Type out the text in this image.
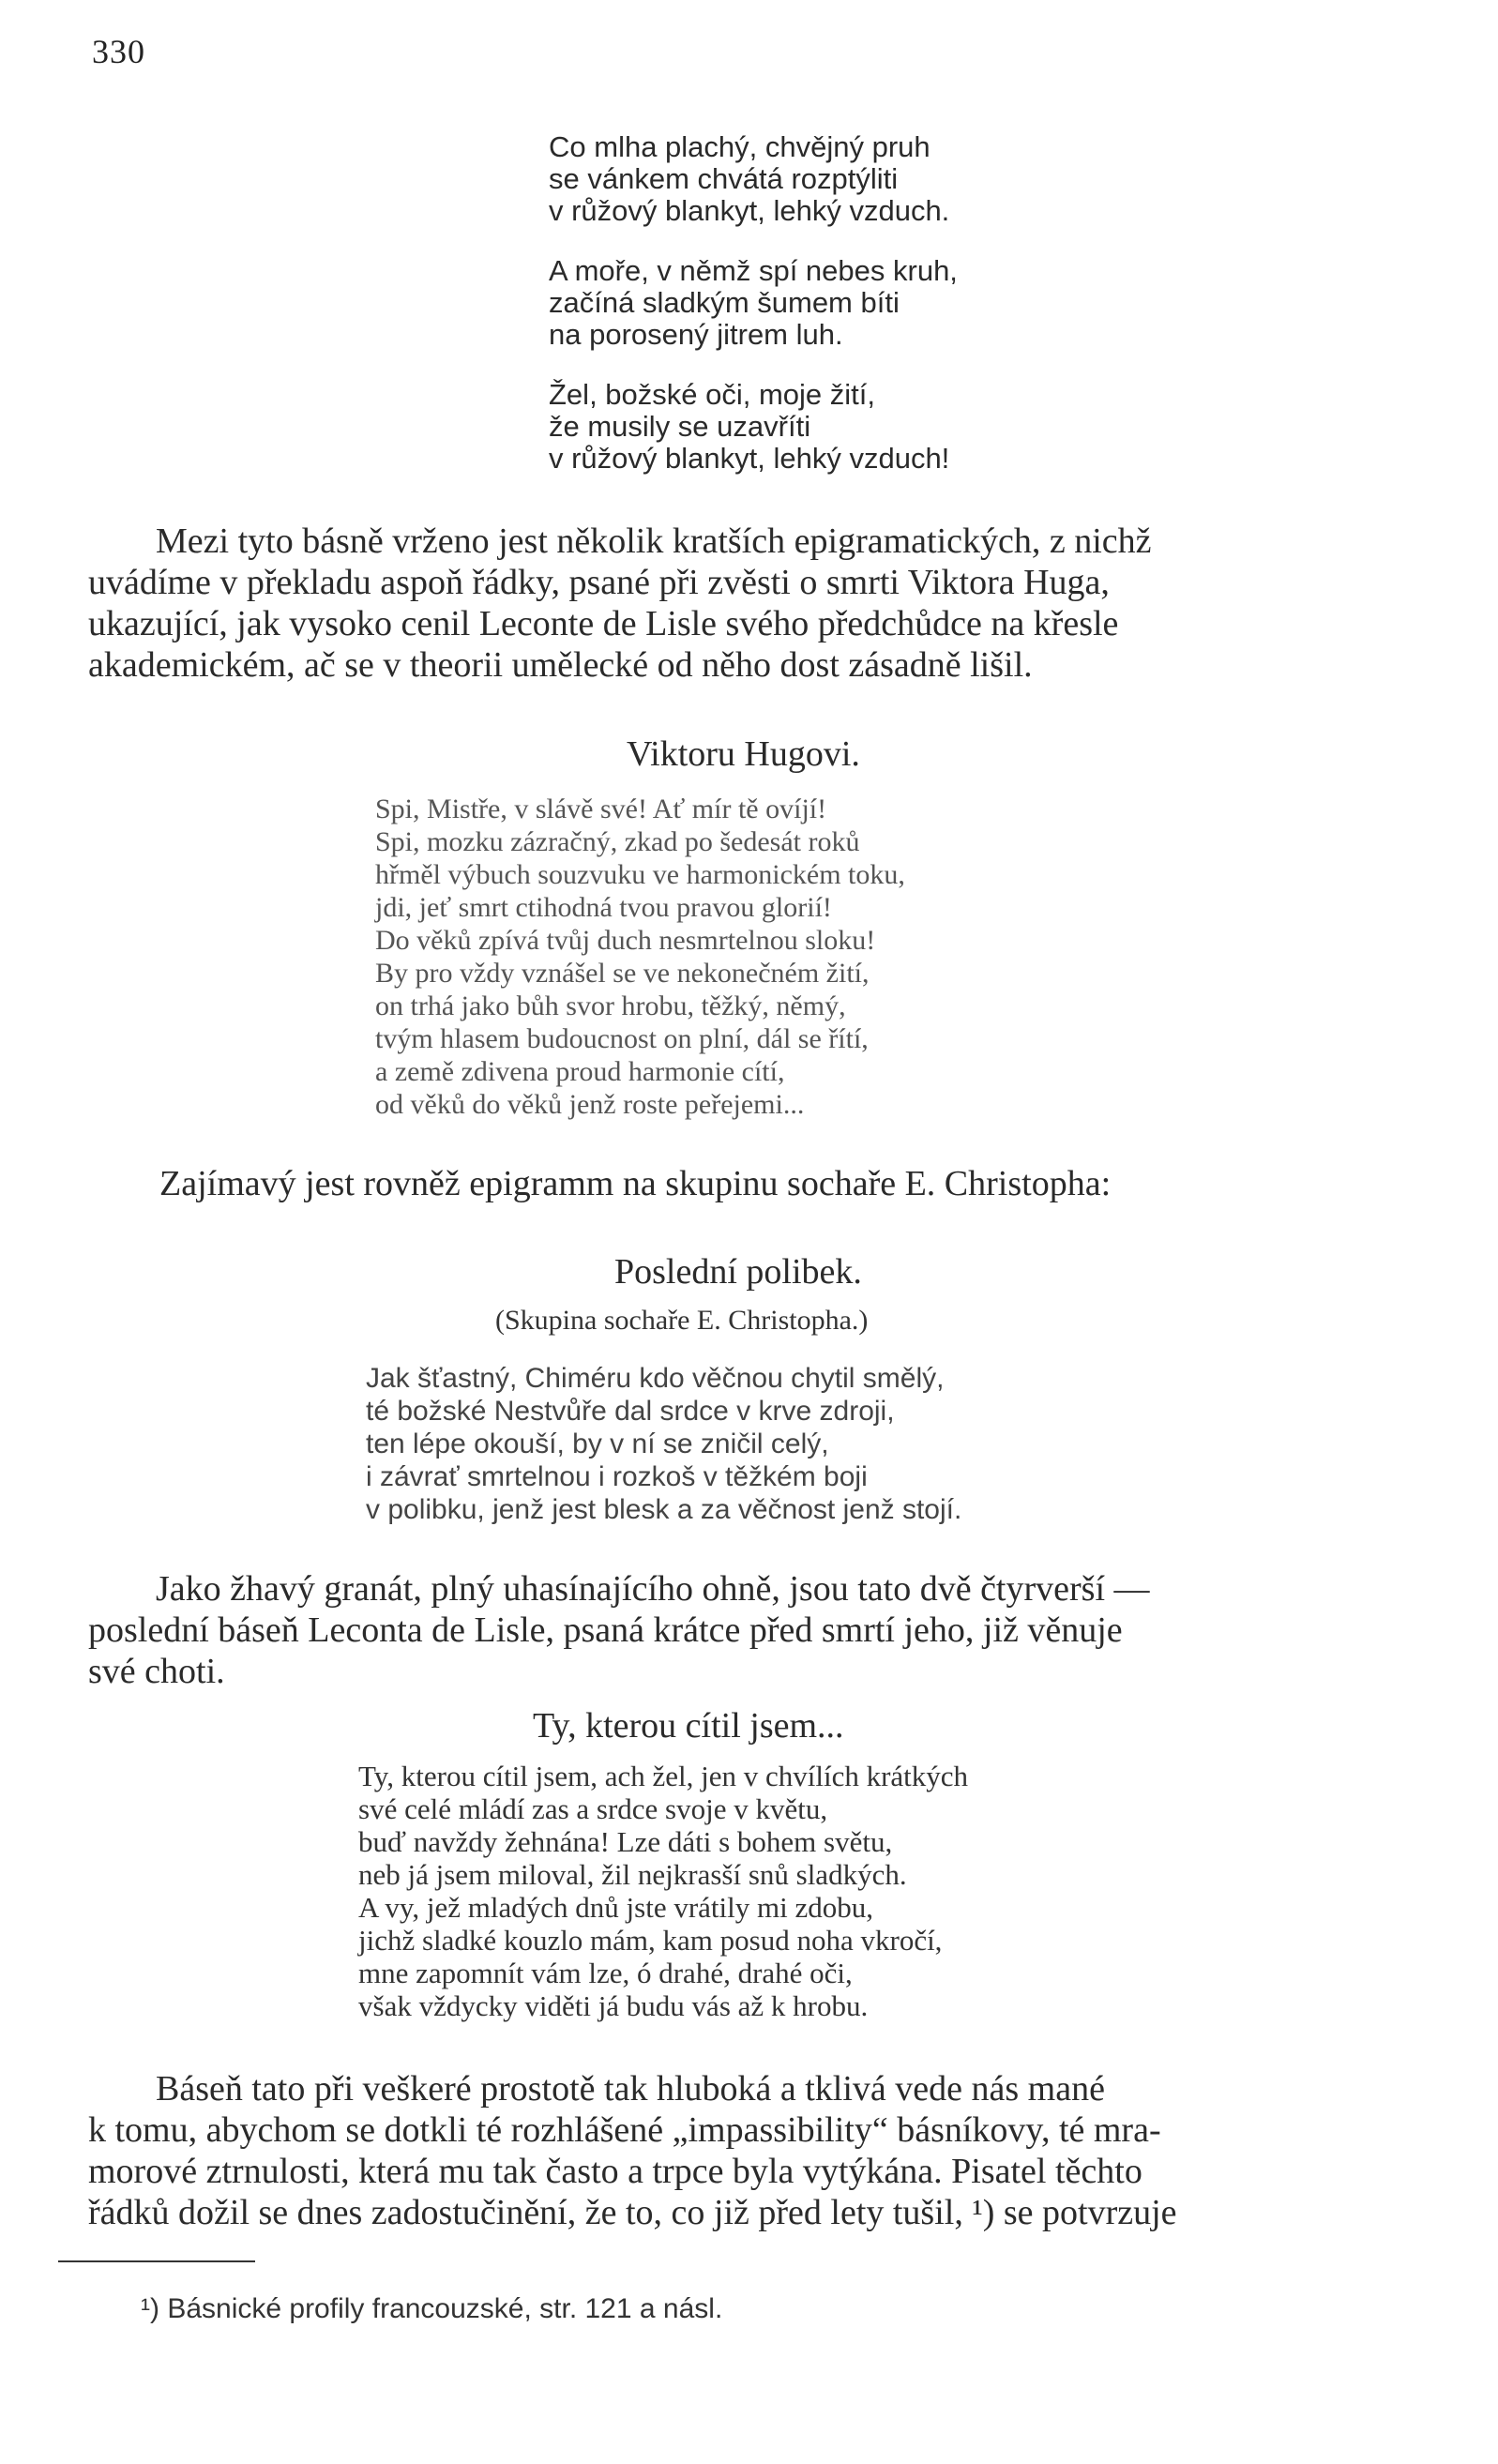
330
Co mlha plachý, chvějný pruh
se vánkem chvátá rozptýliti
v růžový blankyt, lehký vzduch.
A moře, v němž spí nebes kruh,
začíná sladkým šumem bíti
na porosený jitrem luh.
Žel, božské oči, moje žití,
že musily se uzavříti
v růžový blankyt, lehký vzduch!
Mezi tyto básně vrženo jest několik kratších epigramatických, z nichž
uvádíme v překladu aspoň řádky, psané při zvěsti o smrti Viktora Huga,
ukazující, jak vysoko cenil Leconte de Lisle svého předchůdce na křesle
akademickém, ač se v theorii umělecké od něho dost zásadně lišil.
Viktoru Hugovi.
Spi, Mistře, v slávě své! Ať mír tě ovíjí!
Spi, mozku zázračný, zkad po šedesát roků
hřměl výbuch souzvuku ve harmonickém toku,
jdi, jeť smrt ctihodná tvou pravou glorií!
Do věků zpívá tvůj duch nesmrtelnou sloku!
By pro vždy vznášel se ve nekonečném žití,
on trhá jako bůh svor hrobu, těžký, němý,
tvým hlasem budoucnost on plní, dál se řítí,
a země zdivena proud harmonie cítí,
od věků do věků jenž roste peřejemi...
Zajímavý jest rovněž epigramm na skupinu sochaře E. Christopha:
Poslední polibek.
(Skupina sochaře E. Christopha.)
Jak šťastný, Chiméru kdo věčnou chytil smělý,
té božské Nestvůře dal srdce v krve zdroji,
ten lépe okouší, by v ní se zničil celý,
i závrať smrtelnou i rozkoš v těžkém boji
v polibku, jenž jest blesk a za věčnost jenž stojí.
Jako žhavý granát, plný uhasínajícího ohně, jsou tato dvě čtyrverší —
poslední báseň Leconta de Lisle, psaná krátce před smrtí jeho, již věnuje
své choti.
Ty, kterou cítil jsem...
Ty, kterou cítil jsem, ach žel, jen v chvílích krátkých
své celé mládí zas a srdce svoje v květu,
buď navždy žehnána! Lze dáti s bohem světu,
neb já jsem miloval, žil nejkrasší snů sladkých.
A vy, jež mladých dnů jste vrátily mi zdobu,
jichž sladké kouzlo mám, kam posud noha vkročí,
mne zapomnít vám lze, ó drahé, drahé oči,
však vždycky viděti já budu vás až k hrobu.
Báseň tato při veškeré prostotě tak hluboká a tklivá vede nás mané
k tomu, abychom se dotkli té rozhlášené „impassibility“ básníkovy, té mra-
morové ztrnulosti, která mu tak často a trpce byla vytýkána. Pisatel těchto
řádků dožil se dnes zadostučinění, že to, co již před lety tušil, ¹) se potvrzuje
¹) Básnické profily francouzské, str. 121 a násl.
